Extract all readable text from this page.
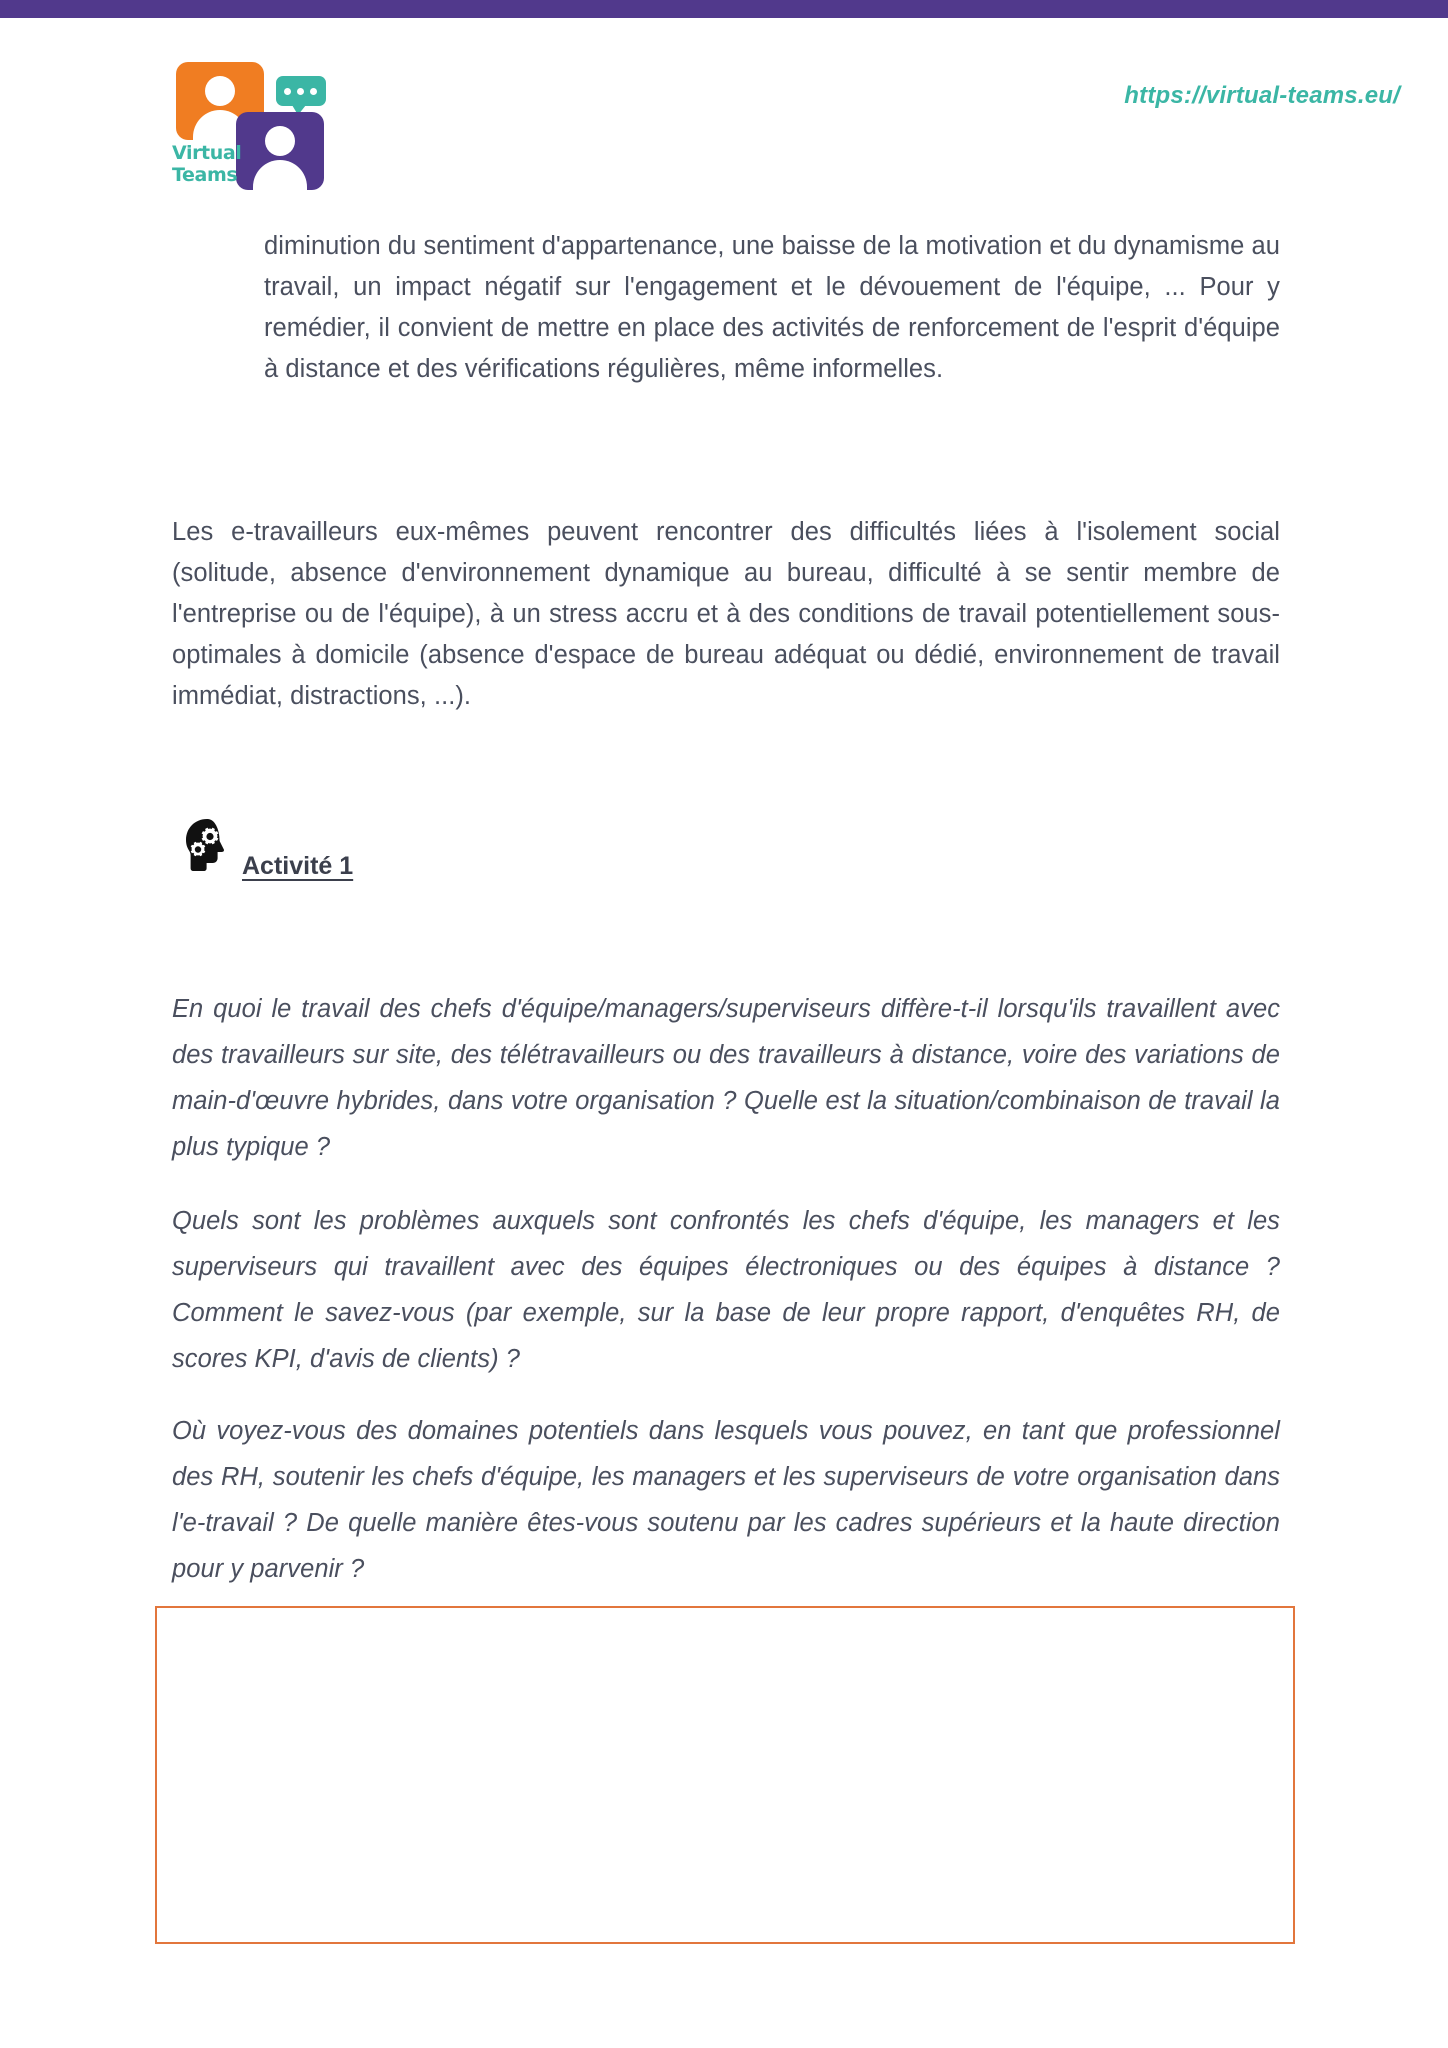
Virtual
Teams
https://virtual-teams.eu/

diminution du sentiment d'appartenance, une baisse de la motivation et du dynamisme au travail, un impact négatif sur l'engagement et le dévouement de l'équipe, ... Pour y remédier, il convient de mettre en place des activités de renforcement de l'esprit d'équipe à distance et des vérifications régulières, même informelles.

Les e-travailleurs eux-mêmes peuvent rencontrer des difficultés liées à l'isolement social (solitude, absence d'environnement dynamique au bureau, difficulté à se sentir membre de l'entreprise ou de l'équipe), à un stress accru et à des conditions de travail potentiellement sous-optimales à domicile (absence d'espace de bureau adéquat ou dédié, environnement de travail immédiat, distractions, ...).

Activité 1

En quoi le travail des chefs d'équipe/managers/superviseurs diffère-t-il lorsqu'ils travaillent avec des travailleurs sur site, des télétravailleurs ou des travailleurs à distance, voire des variations de main-d'œuvre hybrides, dans votre organisation ? Quelle est la situation/combinaison de travail la plus typique ?

Quels sont les problèmes auxquels sont confrontés les chefs d'équipe, les managers et les superviseurs qui travaillent avec des équipes électroniques ou des équipes à distance ? Comment le savez-vous (par exemple, sur la base de leur propre rapport, d'enquêtes RH, de scores KPI, d'avis de clients) ?

Où voyez-vous des domaines potentiels dans lesquels vous pouvez, en tant que professionnel des RH, soutenir les chefs d'équipe, les managers et les superviseurs de votre organisation dans l'e-travail ? De quelle manière êtes-vous soutenu par les cadres supérieurs et la haute direction pour y parvenir ?
